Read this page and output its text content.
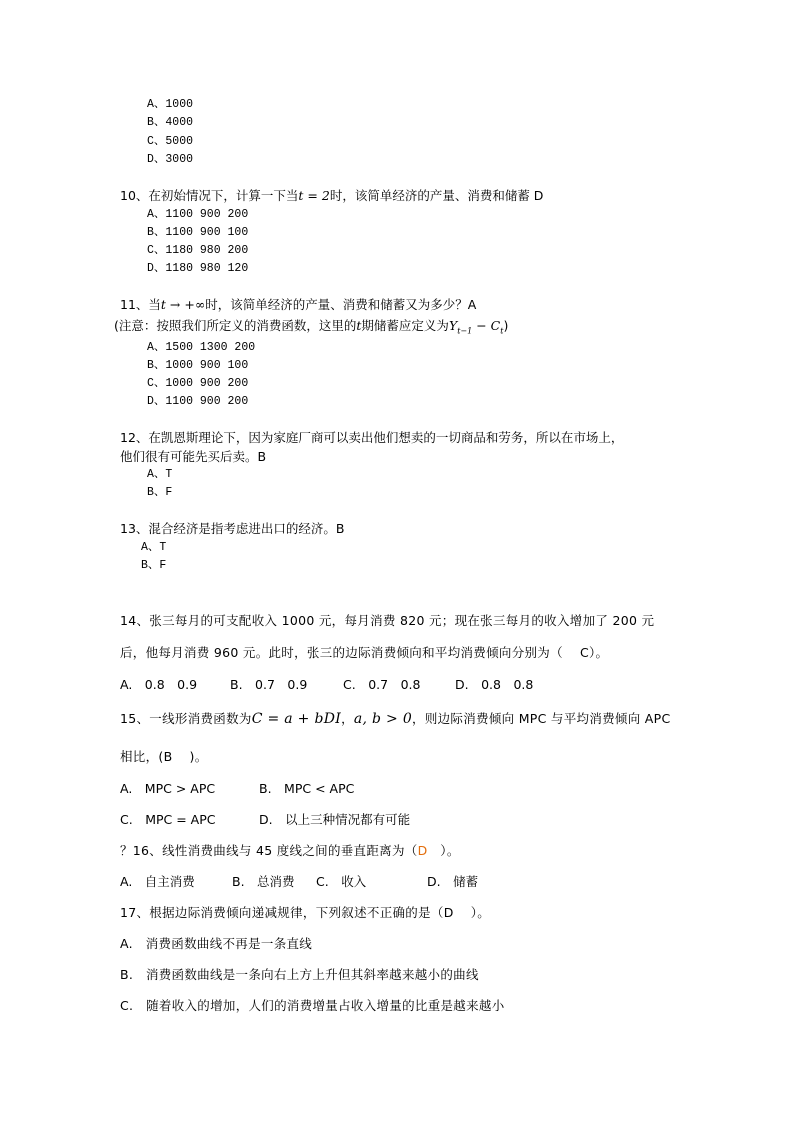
A、1000
B、4000
C、5000
D、3000
10、在初始情况下，计算一下当t = 2时，该简单经济的产量、消费和储蓄 D
A、1100 900 200
B、1100 900 100
C、1180 980 200
D、1180 980 120
11、当t → +∞时，该简单经济的产量、消费和储蓄又为多少？A
(注意：按照我们所定义的消费函数，这里的t期储蓄应定义为$Y_{t-1} - C_t$)
A、1500 1300 200
B、1000 900 100
C、1000 900 200
D、1100 900 200
12、在凯恩斯理论下，因为家庭厂商可以卖出他们想卖的一切商品和劳务，所以在市场上，
他们很有可能先买后卖。B
A、T
B、F
13、混合经济是指考虑进出口的经济。B
A、T
B、F
14、张三每月的可支配收入 1000 元，每月消费 820 元；现在张三每月的收入增加了 200 元
后，他每月消费 960 元。此时，张三的边际消费倾向和平均消费倾向分别为（　 C）。
A.　0.8　0.9	B.　0.7　0.9	C.　0.7　0.8	D.　0.8　0.8
15、一线形消费函数为C = a + bDI，a, b > 0，则边际消费倾向 MPC 与平均消费倾向 APC
相比，(B　 )。
A.　MPC > APC	B.　MPC < APC
C.　MPC = APC	D.　以上三种情况都有可能
？16、线性消费曲线与 45 度线之间的垂直距离为（D　）。
A.　自主消费	B.　总消费 C.　收入	D.　储蓄
17、根据边际消费倾向递减规律，下列叙述不正确的是（D　 ）。
A.　消费函数曲线不再是一条直线
B.　消费函数曲线是一条向右上方上升但其斜率越来越小的曲线
C.　随着收入的增加，人们的消费增量占收入增量的比重是越来越小
